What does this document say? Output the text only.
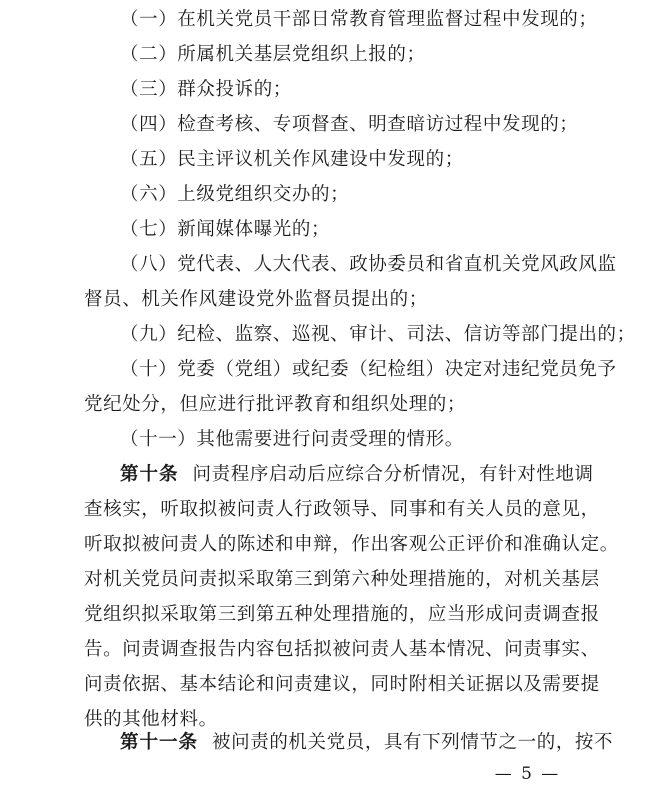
（一）在机关党员干部日常教育管理监督过程中发现的；
（二）所属机关基层党组织上报的；
（三）群众投诉的；
（四）检查考核、专项督查、明查暗访过程中发现的；
（五）民主评议机关作风建设中发现的；
（六）上级党组织交办的；
（七）新闻媒体曝光的；
（八）党代表、人大代表、政协委员和省直机关党风政风监
督员、机关作风建设党外监督员提出的；
（九）纪检、监察、巡视、审计、司法、信访等部门提出的；
（十）党委（党组）或纪委（纪检组）决定对违纪党员免予
党纪处分，但应进行批评教育和组织处理的；
（十一）其他需要进行问责受理的情形。
第十条 问责程序启动后应综合分析情况，有针对性地调
查核实，听取拟被问责人行政领导、同事和有关人员的意见，
听取拟被问责人的陈述和申辩，作出客观公正评价和准确认定。
对机关党员问责拟采取第三到第六种处理措施的，对机关基层
党组织拟采取第三到第五种处理措施的，应当形成问责调查报
告。问责调查报告内容包括拟被问责人基本情况、问责事实、
问责依据、基本结论和问责建议，同时附相关证据以及需要提
供的其他材料。
第十一条 被问责的机关党员，具有下列情节之一的，按不
— 5 —
